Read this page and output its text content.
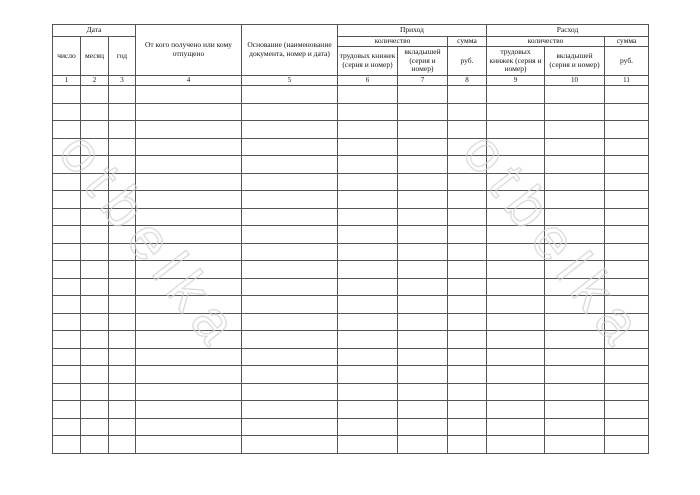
Дата			От кого получено или кому отпущено	Основание (наименование документа, номер и дата)	Приход			Расход		
число	месяц	год			количество		сумма	количество		сумма
					трудовых книжек (серия и номер)	вкладышей (серия и номер)	руб.	трудовых книжек (серия и номер)	вкладышей (серия и номер)	руб.
1	2	3	4	5	6	7	8	9	10	11

otbelka	otbelka
